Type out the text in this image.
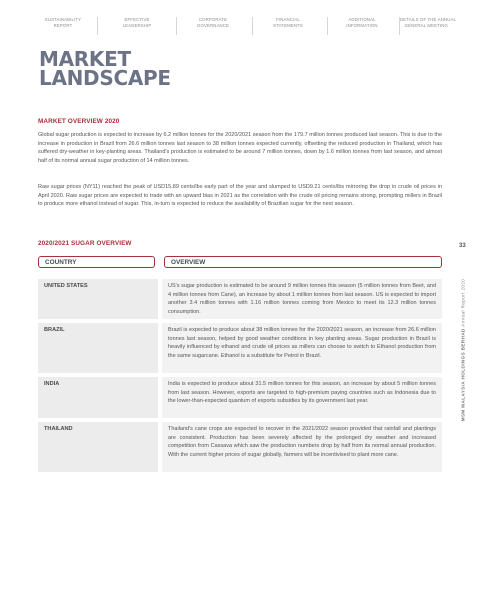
SUSTAINABILITY
REPORT
EFFECTIVE
LEADERSHIP
CORPORATE
GOVERNANCE
FINANCIAL
STATEMENTS
ADDITIONAL
INFORMATION
DETAILS OF THE ANNUAL
GENERAL MEETING
MARKET
LANDSCAPE
MARKET OVERVIEW 2020

Global sugar production is expected to increase by 6.2 million tonnes for the 2020/2021 season from the 179.7 million tonnes produced last season. This is due to the increase in production in Brazil from 26.6 million tonnes last season to 38 million tonnes expected currently, offsetting the reduced production in Thailand, which has suffered dry-weather in key-planting areas. Thailand's production is estimated to be around 7 million tonnes, down by 1.6 million tonnes from last season, and almost half of its normal annual sugar production of 14 million tonnes.

Raw sugar prices (NY11) reached the peak of USD15.89 cents/lbs early part of the year and slumped to USD9.21 cents/lbs mirroring the drop in crude oil prices in April 2020. Raw sugar prices are expected to trade with an upward bias in 2021 as the correlation with the crude oil pricing remains strong, prompting millers in Brazil to produce more ethanol instead of sugar. This, in-turn is expected to reduce the availability of Brazilian sugar for the next season.

33
MSM MALAYSIA HOLDINGS BERHAD Annual Report 2020
2020/2021 SUGAR OVERVIEW
COUNTRY	OVERVIEW
UNITED STATES	US's sugar production is estimated to be around 9 million tonnes this season (5 million tonnes from Beet, and 4 million tonnes from Cane), an increase by about 1 million tonnes from last season. US is expected to import another 3.4 million tonnes with 1.16 million tonnes coming from Mexico to meet its 12.3 million tonnes consumption.
BRAZIL	Brazil is expected to produce about 38 million tonnes for the 2020/2021 season, an increase from 26.6 million tonnes last season, helped by good weather conditions in key planting areas. Sugar production in Brazil is heavily influenced by ethanol and crude oil prices as millers can choose to switch to Ethanol production from the same sugarcane. Ethanol is a substitute for Petrol in Brazil.
INDIA	India is expected to produce about 31.5 million tonnes for this season, an increase by about 5 million tonnes from last season. However, exports are targeted to high-premium paying countries such as Indonesia due to the lower-than-expected quantum of exports subsidies by its government last year.
THAILAND	Thailand's cane crops are expected to recover in the 2021/2022 season provided that rainfall and plantings are consistent. Production has been severely affected by the prolonged dry weather and increased competition from Cassava which saw the production numbers drop by half from its normal annual production. With the current higher prices of sugar globally, farmers will be incentivised to plant more cane.
